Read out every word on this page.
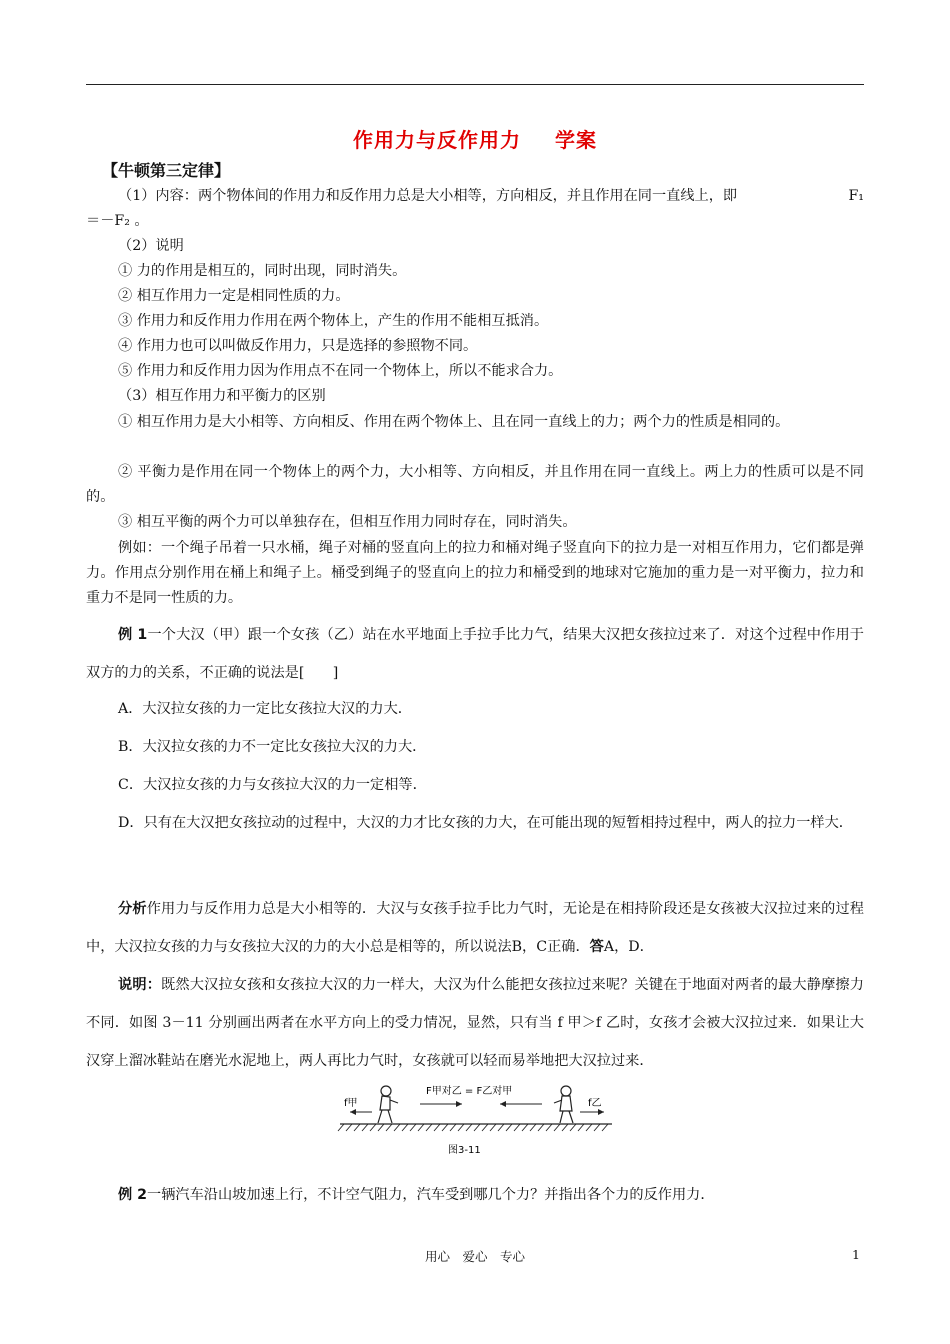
作用力与反作用力 学案
【牛顿第三定律】
（1）内容：两个物体间的作用力和反作用力总是大小相等，方向相反，并且作用在同一直线上，即	F₁
＝－F₂ 。
（2）说明
① 力的作用是相互的，同时出现，同时消失。
② 相互作用力一定是相同性质的力。
③ 作用力和反作用力作用在两个物体上，产生的作用不能相互抵消。
④ 作用力也可以叫做反作用力，只是选择的参照物不同。
⑤ 作用力和反作用力因为作用点不在同一个物体上，所以不能求合力。
（3）相互作用力和平衡力的区别
① 相互作用力是大小相等、方向相反、作用在两个物体上、且在同一直线上的力；两个力的性质是相同的。
② 平衡力是作用在同一个物体上的两个力，大小相等、方向相反，并且作用在同一直线上。两上力的性质可以是不同的。
③ 相互平衡的两个力可以单独存在，但相互作用力同时存在，同时消失。
例如：一个绳子吊着一只水桶，绳子对桶的竖直向上的拉力和桶对绳子竖直向下的拉力是一对相互作用力，它们都是弹力。作用点分别作用在桶上和绳子上。桶受到绳子的竖直向上的拉力和桶受到的地球对它施加的重力是一对平衡力，拉力和重力不是同一性质的力。
例 1一个大汉（甲）跟一个女孩（乙）站在水平地面上手拉手比力气，结果大汉把女孩拉过来了．对这个过程中作用于双方的力的关系，不正确的说法是[　　]
A．大汉拉女孩的力一定比女孩拉大汉的力大．
B．大汉拉女孩的力不一定比女孩拉大汉的力大．
C．大汉拉女孩的力与女孩拉大汉的力一定相等．
D．只有在大汉把女孩拉动的过程中，大汉的力才比女孩的力大，在可能出现的短暂相持过程中，两人的拉力一样大．
分析作用力与反作用力总是大小相等的．大汉与女孩手拉手比力气时，无论是在相持阶段还是女孩被大汉拉过来的过程中，大汉拉女孩的力与女孩拉大汉的力的大小总是相等的，所以说法B，C正确．答A，D．
说明：既然大汉拉女孩和女孩拉大汉的力一样大，大汉为什么能把女孩拉过来呢？关键在于地面对两者的最大静摩擦力不同．如图 3－11 分别画出两者在水平方向上的受力情况，显然，只有当 f 甲＞f 乙时，女孩才会被大汉拉过来．如果让大汉穿上溜冰鞋站在磨光水泥地上，两人再比力气时，女孩就可以轻而易举地把大汉拉过来．
f甲	f乙
F甲对乙 = F乙对甲
图3-11
例 2一辆汽车沿山坡加速上行，不计空气阻力，汽车受到哪几个力？并指出各个力的反作用力．
用心　爱心　专心	1
